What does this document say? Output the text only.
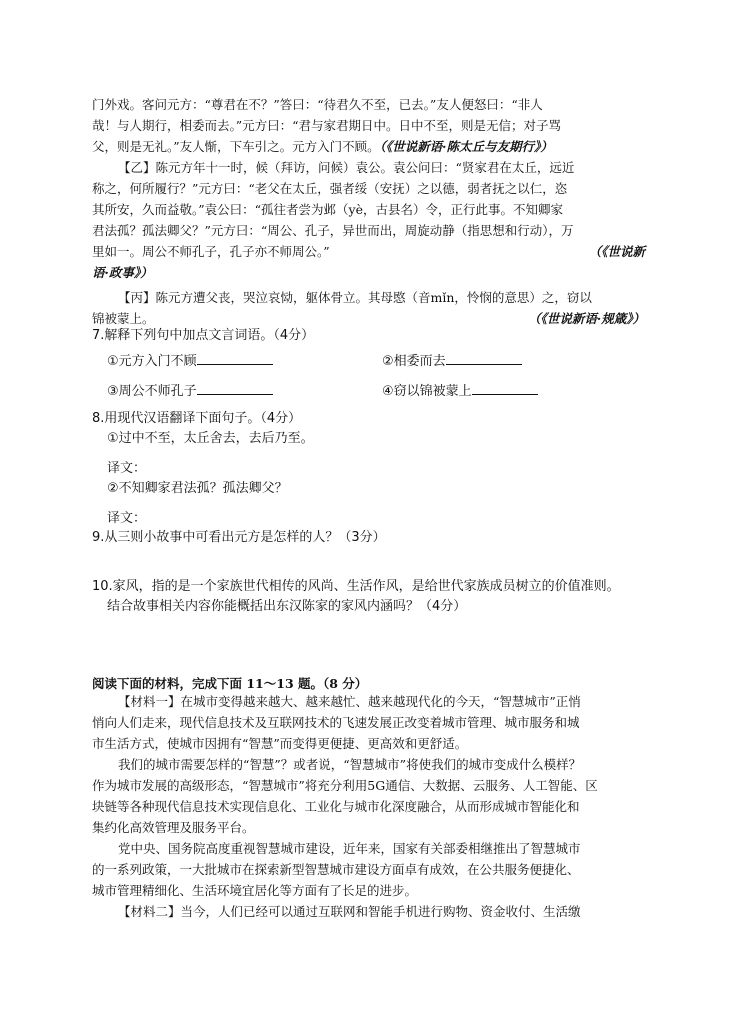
门外戏。客问元方：“尊君在不？”答曰：“待君久不至，已去。”友人便怒曰：“非人
哉！与人期行，相委而去。”元方曰：“君与家君期日中。日中不至，则是无信；对子骂
父，则是无礼。”友人惭，下车引之。元方入门不顾。（《世说新语·陈太丘与友期行》）
【乙】陈元方年十一时，候（拜访，问候）袁公。袁公问曰：“贤家君在太丘，远近
称之，何所履行？”元方曰：“老父在太丘，强者绥（安抚）之以德，弱者抚之以仁，恣
其所安，久而益敬。”袁公曰：“孤往者尝为邺（yè，古县名）令，正行此事。不知卿家
君法孤？孤法卿父？”元方曰：“周公、孔子，异世而出，周旋动静（指思想和行动），万
里如一。周公不师孔子，孔子亦不师周公。”	（《世说新
语·政事》）
【丙】陈元方遭父丧，哭泣哀恸，躯体骨立。其母愍（音mǐn，怜悯的意思）之，窃以
锦被蒙上。	（《世说新语·规箴》）
7.解释下列句中加点文言词语。（4分）
①元方入门不顾	②相委而去
③周公不师孔子	④窃以锦被蒙上
8.用现代汉语翻译下面句子。（4分）
①过中不至，太丘舍去，去后乃至。
译文：
②不知卿家君法孤？孤法卿父？
译文：
9.从三则小故事中可看出元方是怎样的人？（3分）
10.家风，指的是一个家族世代相传的风尚、生活作风，是给世代家族成员树立的价值准则。
结合故事相关内容你能概括出东汉陈家的家风内涵吗？（4分）
阅读下面的材料，完成下面 11～13 题。（8 分）
【材料一】在城市变得越来越大、越来越忙、越来越现代化的今天，“智慧城市”正悄
悄向人们走来，现代信息技术及互联网技术的飞速发展正改变着城市管理、城市服务和城
市生活方式，使城市因拥有“智慧”而变得更便捷、更高效和更舒适。
我们的城市需要怎样的“智慧”？或者说，“智慧城市”将使我们的城市变成什么模样？
作为城市发展的高级形态，“智慧城市”将充分利用5G通信、大数据、云服务、人工智能、区
块链等各种现代信息技术实现信息化、工业化与城市化深度融合，从而形成城市智能化和
集约化高效管理及服务平台。
党中央、国务院高度重视智慧城市建设，近年来，国家有关部委相继推出了智慧城市
的一系列政策，一大批城市在探索新型智慧城市建设方面卓有成效，在公共服务便捷化、
城市管理精细化、生活环境宜居化等方面有了长足的进步。
【材料二】当今，人们已经可以通过互联网和智能手机进行购物、资金收付、生活缴
